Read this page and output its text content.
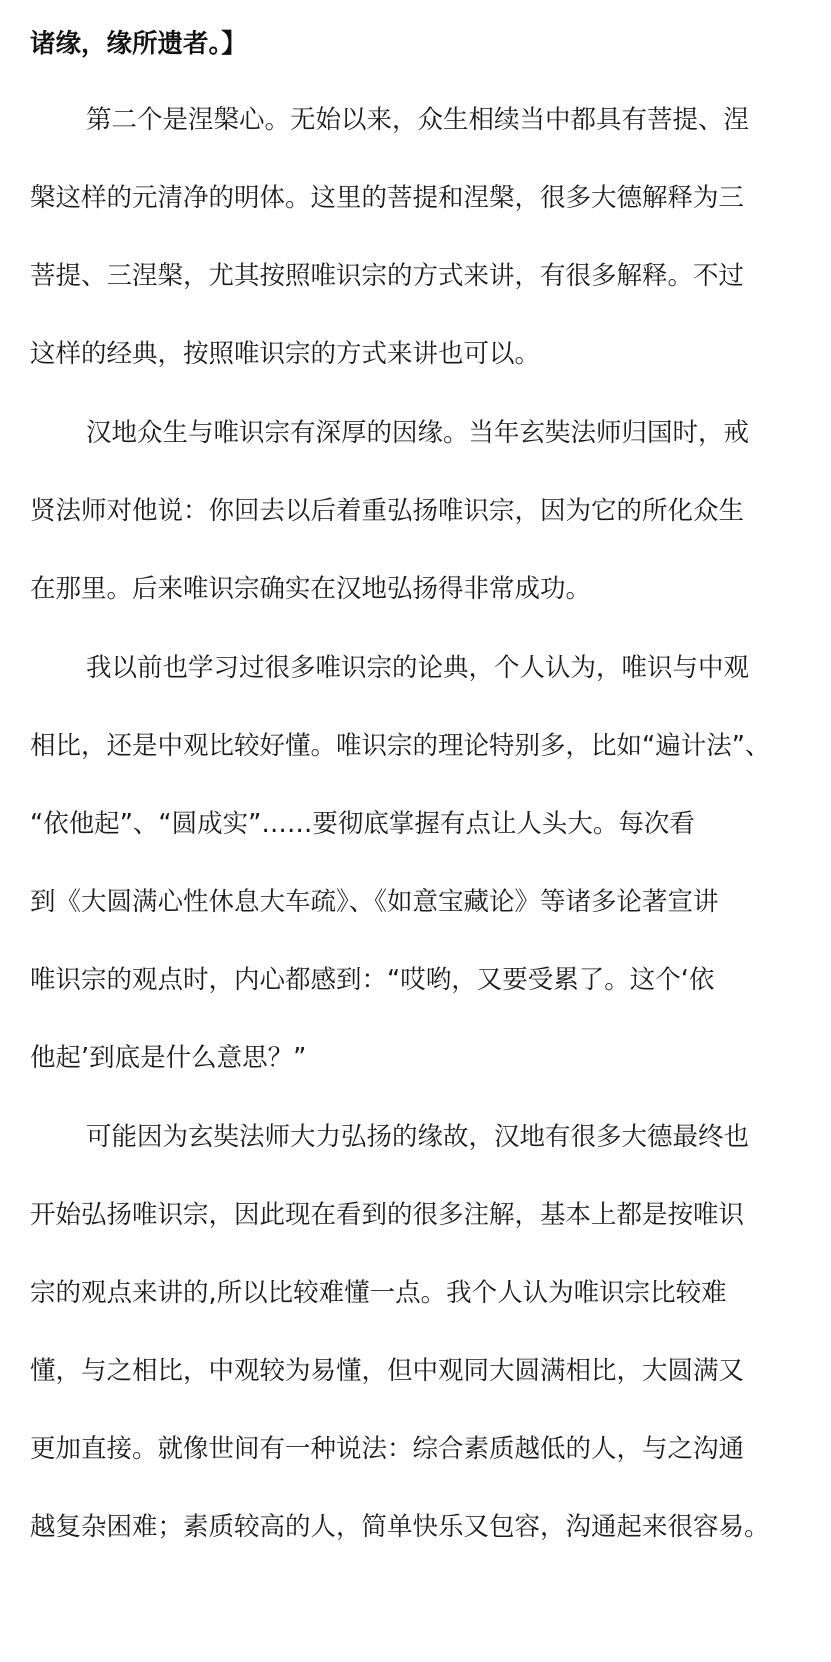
诸缘，缘所遗者。】

第二个是涅槃心。无始以来，众生相续当中都具有菩提、涅

槃这样的元清净的明体。这里的菩提和涅槃，很多大德解释为三

菩提、三涅槃，尤其按照唯识宗的方式来讲，有很多解释。不过

这样的经典，按照唯识宗的方式来讲也可以。

汉地众生与唯识宗有深厚的因缘。当年玄奘法师归国时，戒

贤法师对他说：你回去以后着重弘扬唯识宗，因为它的所化众生

在那里。后来唯识宗确实在汉地弘扬得非常成功。

我以前也学习过很多唯识宗的论典，个人认为，唯识与中观

相比，还是中观比较好懂。唯识宗的理论特别多，比如“遍计法”、

“依他起”、“圆成实”……要彻底掌握有点让人头大。每次看

到《大圆满心性休息大车疏》、《如意宝藏论》等诸多论著宣讲

唯识宗的观点时，内心都感到：“哎哟，又要受累了。这个‘依

他起’到底是什么意思？”

可能因为玄奘法师大力弘扬的缘故，汉地有很多大德最终也

开始弘扬唯识宗，因此现在看到的很多注解，基本上都是按唯识

宗的观点来讲的,所以比较难懂一点。我个人认为唯识宗比较难

懂，与之相比，中观较为易懂，但中观同大圆满相比，大圆满又

更加直接。就像世间有一种说法：综合素质越低的人，与之沟通

越复杂困难；素质较高的人，简单快乐又包容，沟通起来很容易。
